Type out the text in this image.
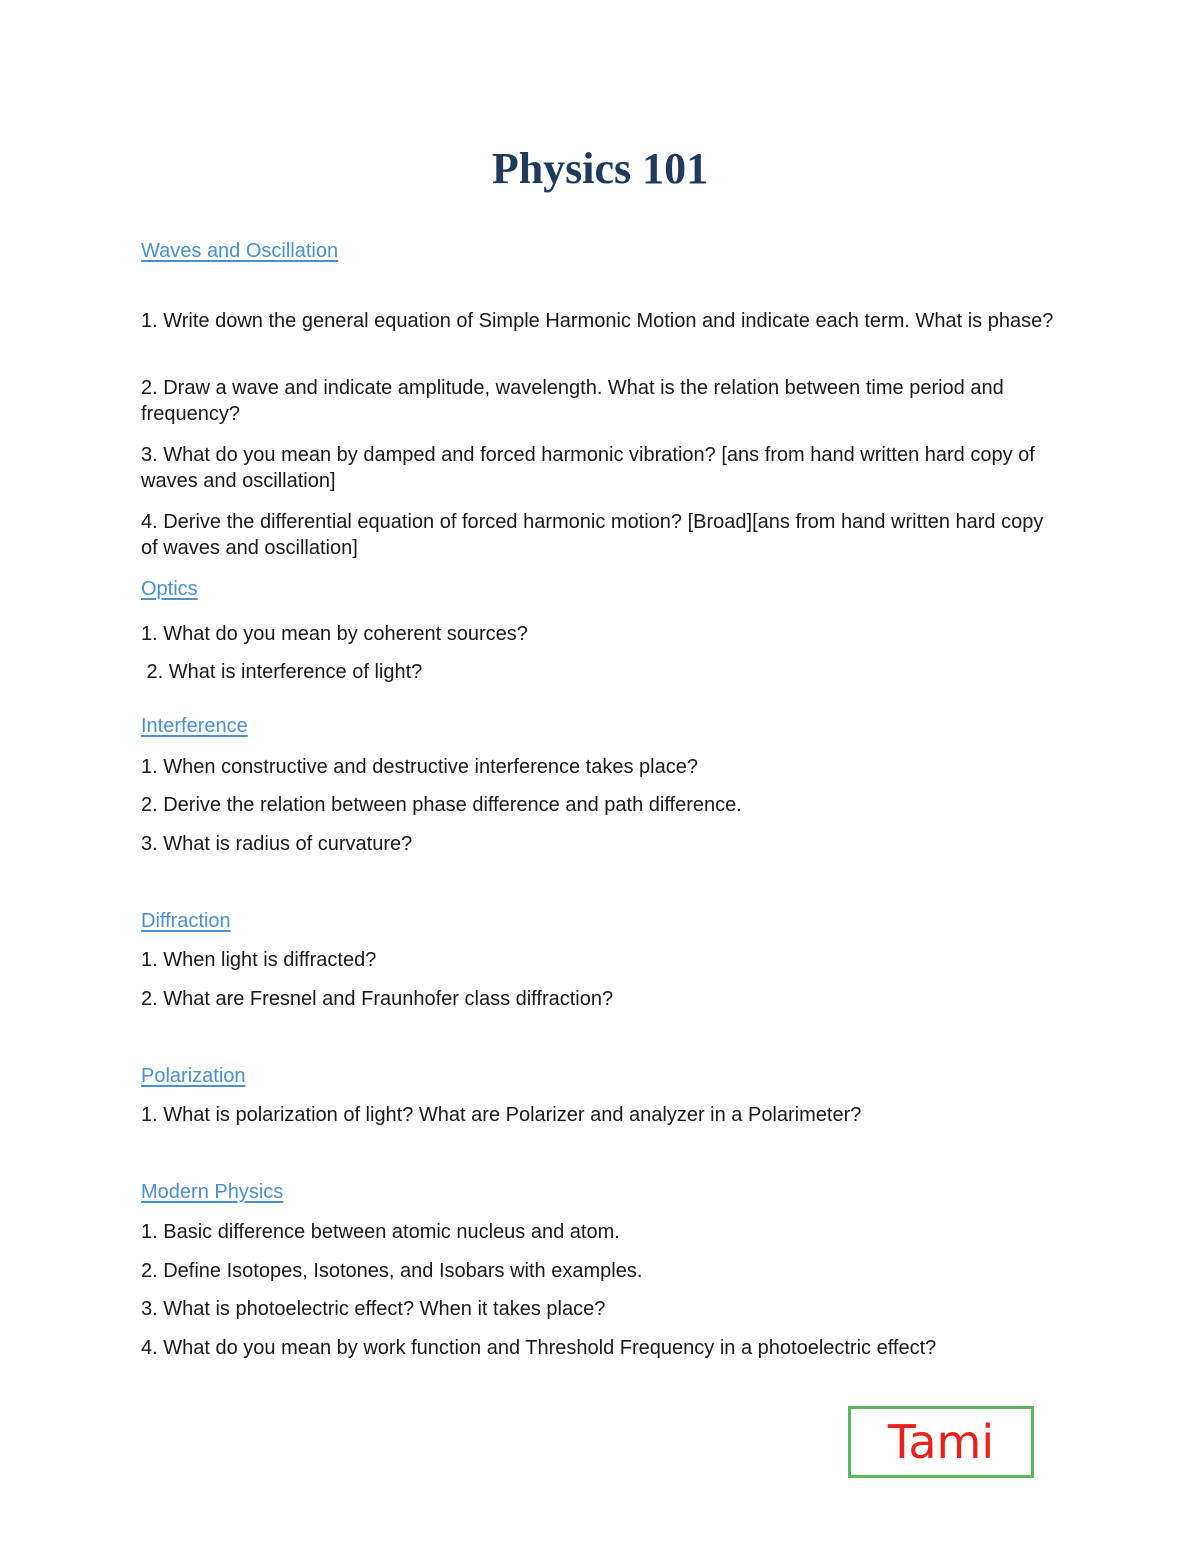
Physics 101

Waves and Oscillation

1. Write down the general equation of Simple Harmonic Motion and indicate each term. What is phase?

2. Draw a wave and indicate amplitude, wavelength. What is the relation between time period and frequency?

3. What do you mean by damped and forced harmonic vibration? [ans from hand written hard copy of waves and oscillation]

4. Derive the differential equation of forced harmonic motion? [Broad][ans from hand written hard copy of waves and oscillation]

Optics

1. What do you mean by coherent sources?

2. What is interference of light?

Interference

1. When constructive and destructive interference takes place?

2. Derive the relation between phase difference and path difference.

3. What is radius of curvature?

Diffraction

1. When light is diffracted?

2. What are Fresnel and Fraunhofer class diffraction?

Polarization

1. What is polarization of light? What are Polarizer and analyzer in a Polarimeter?

Modern Physics

1. Basic difference between atomic nucleus and atom.

2. Define Isotopes, Isotones, and Isobars with examples.

3. What is photoelectric effect? When it takes place?

4. What do you mean by work function and Threshold Frequency in a photoelectric effect?

Tami
